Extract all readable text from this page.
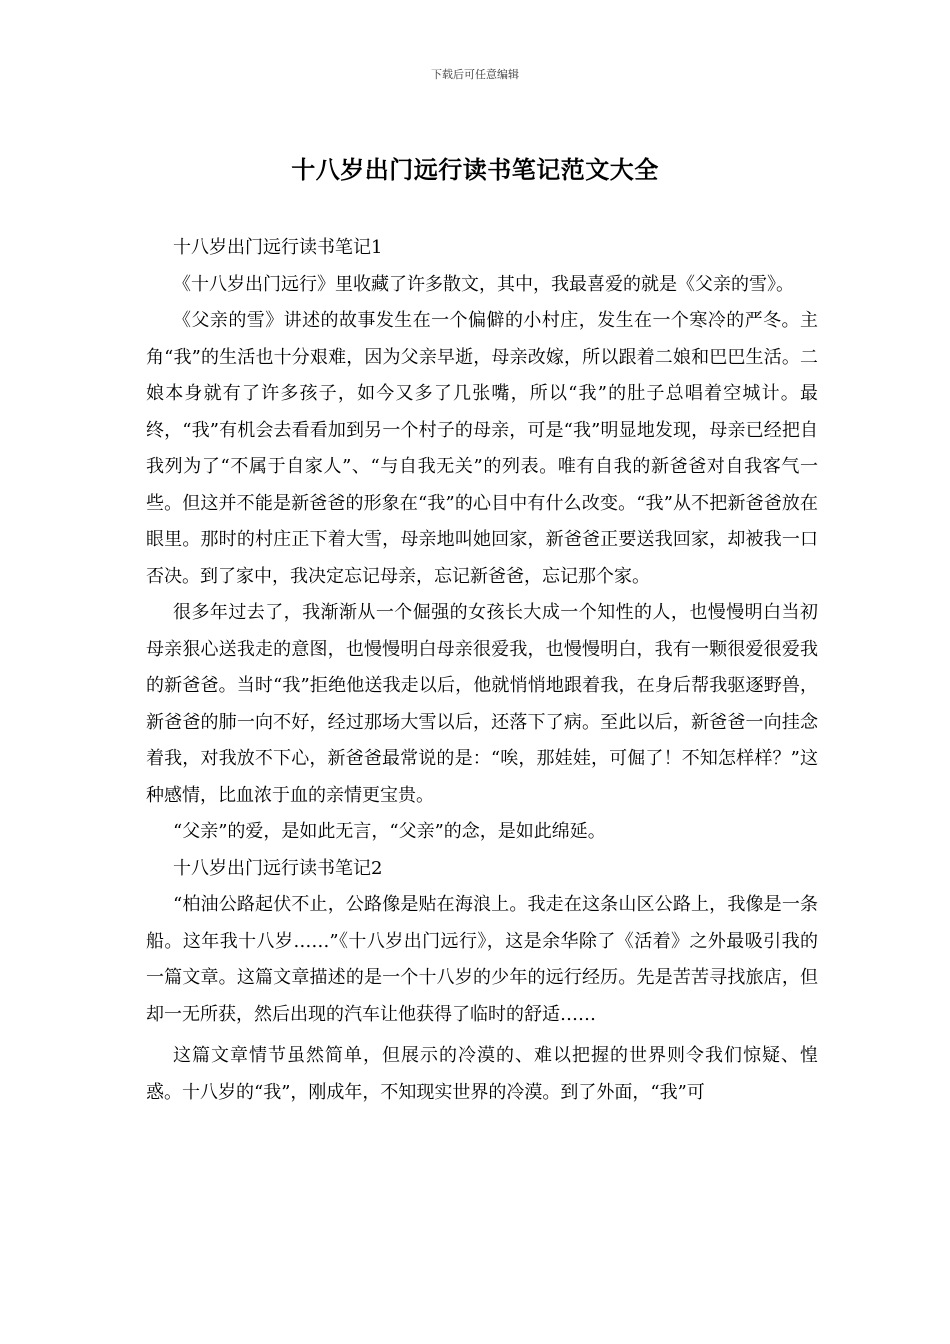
下载后可任意编辑
十八岁出门远行读书笔记范文大全

十八岁出门远行读书笔记1

《十八岁出门远行》里收藏了许多散文，其中，我最喜爱的就是《父亲的雪》。

《父亲的雪》讲述的故事发生在一个偏僻的小村庄，发生在一个寒冷的严冬。主角“我”的生活也十分艰难，因为父亲早逝，母亲改嫁，所以跟着二娘和巴巴生活。二娘本身就有了许多孩子，如今又多了几张嘴，所以“我”的肚子总唱着空城计。最终，“我”有机会去看看加到另一个村子的母亲，可是“我”明显地发现，母亲已经把自我列为了“不属于自家人”、“与自我无关”的列表。唯有自我的新爸爸对自我客气一些。但这并不能是新爸爸的形象在“我”的心目中有什么改变。“我”从不把新爸爸放在眼里。那时的村庄正下着大雪，母亲地叫她回家，新爸爸正要送我回家，却被我一口否决。到了家中，我决定忘记母亲，忘记新爸爸，忘记那个家。

很多年过去了，我渐渐从一个倔强的女孩长大成一个知性的人，也慢慢明白当初母亲狠心送我走的意图，也慢慢明白母亲很爱我，也慢慢明白，我有一颗很爱很爱我的新爸爸。当时“我”拒绝他送我走以后，他就悄悄地跟着我，在身后帮我驱逐野兽，新爸爸的肺一向不好，经过那场大雪以后，还落下了病。至此以后，新爸爸一向挂念着我，对我放不下心，新爸爸最常说的是：“唉，那娃娃，可倔了！不知怎样样？”这种感情，比血浓于血的亲情更宝贵。

“父亲”的爱，是如此无言，“父亲”的念，是如此绵延。

十八岁出门远行读书笔记2

“柏油公路起伏不止，公路像是贴在海浪上。我走在这条山区公路上，我像是一条船。这年我十八岁……”《十八岁出门远行》，这是余华除了《活着》之外最吸引我的一篇文章。这篇文章描述的是一个十八岁的少年的远行经历。先是苦苦寻找旅店，但却一无所获，然后出现的汽车让他获得了临时的舒适……

这篇文章情节虽然简单，但展示的冷漠的、难以把握的世界则令我们惊疑、惶惑。十八岁的“我”，刚成年，不知现实世界的冷漠。到了外面，“我”可
